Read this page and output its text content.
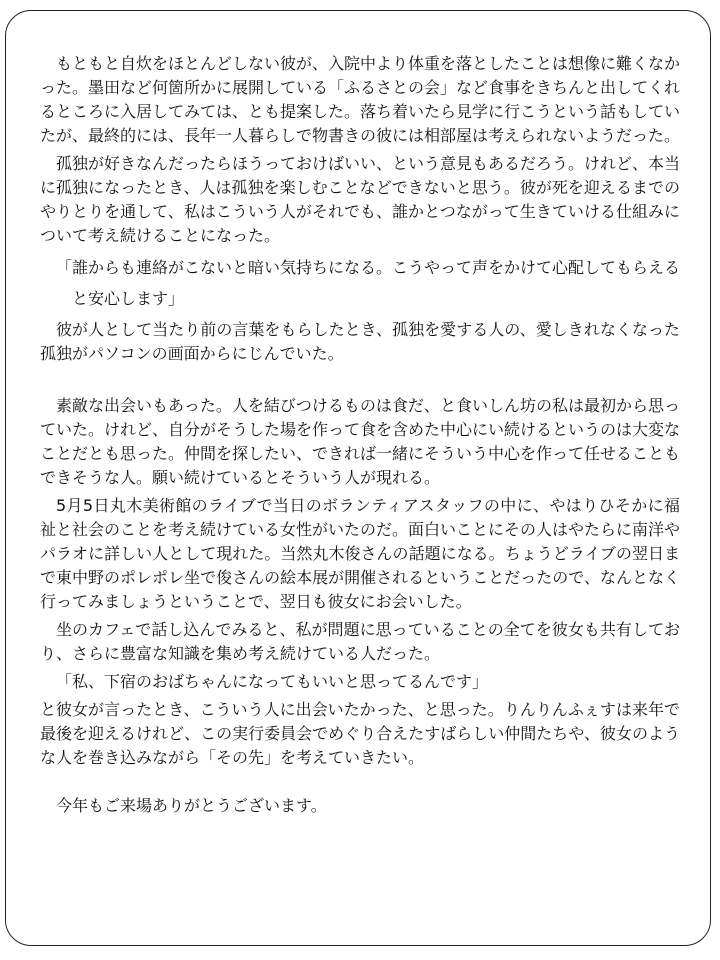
もともと自炊をほとんどしない彼が、入院中より体重を落としたことは想像に難くなかった。墨田など何箇所かに展開している「ふるさとの会」など食事をきちんと出してくれるところに入居してみては、とも提案した。落ち着いたら見学に行こうという話もしていたが、最終的には、長年一人暮らしで物書きの彼には相部屋は考えられないようだった。

孤独が好きなんだったらほうっておけばいい、という意見もあるだろう。けれど、本当に孤独になったとき、人は孤独を楽しむことなどできないと思う。彼が死を迎えるまでのやりとりを通して、私はこういう人がそれでも、誰かとつながって生きていける仕組みについて考え続けることになった。

「誰からも連絡がこないと暗い気持ちになる。こうやって声をかけて心配してもらえると安心します」

彼が人として当たり前の言葉をもらしたとき、孤独を愛する人の、愛しきれなくなった孤独がパソコンの画面からにじんでいた。

素敵な出会いもあった。人を結びつけるものは食だ、と食いしん坊の私は最初から思っていた。けれど、自分がそうした場を作って食を含めた中心にい続けるというのは大変なことだとも思った。仲間を探したい、できれば一緒にそういう中心を作って任せることもできそうな人。願い続けているとそういう人が現れる。

5月5日丸木美術館のライブで当日のボランティアスタッフの中に、やはりひそかに福祉と社会のことを考え続けている女性がいたのだ。面白いことにその人はやたらに南洋やパラオに詳しい人として現れた。当然丸木俊さんの話題になる。ちょうどライブの翌日まで東中野のポレポレ坐で俊さんの絵本展が開催されるということだったので、なんとなく行ってみましょうということで、翌日も彼女にお会いした。

坐のカフェで話し込んでみると、私が問題に思っていることの全てを彼女も共有しており、さらに豊富な知識を集め考え続けている人だった。

「私、下宿のおばちゃんになってもいいと思ってるんです」

と彼女が言ったとき、こういう人に出会いたかった、と思った。りんりんふぇすは来年で最後を迎えるけれど、この実行委員会でめぐり合えたすばらしい仲間たちや、彼女のような人を巻き込みながら「その先」を考えていきたい。

今年もご来場ありがとうございます。
